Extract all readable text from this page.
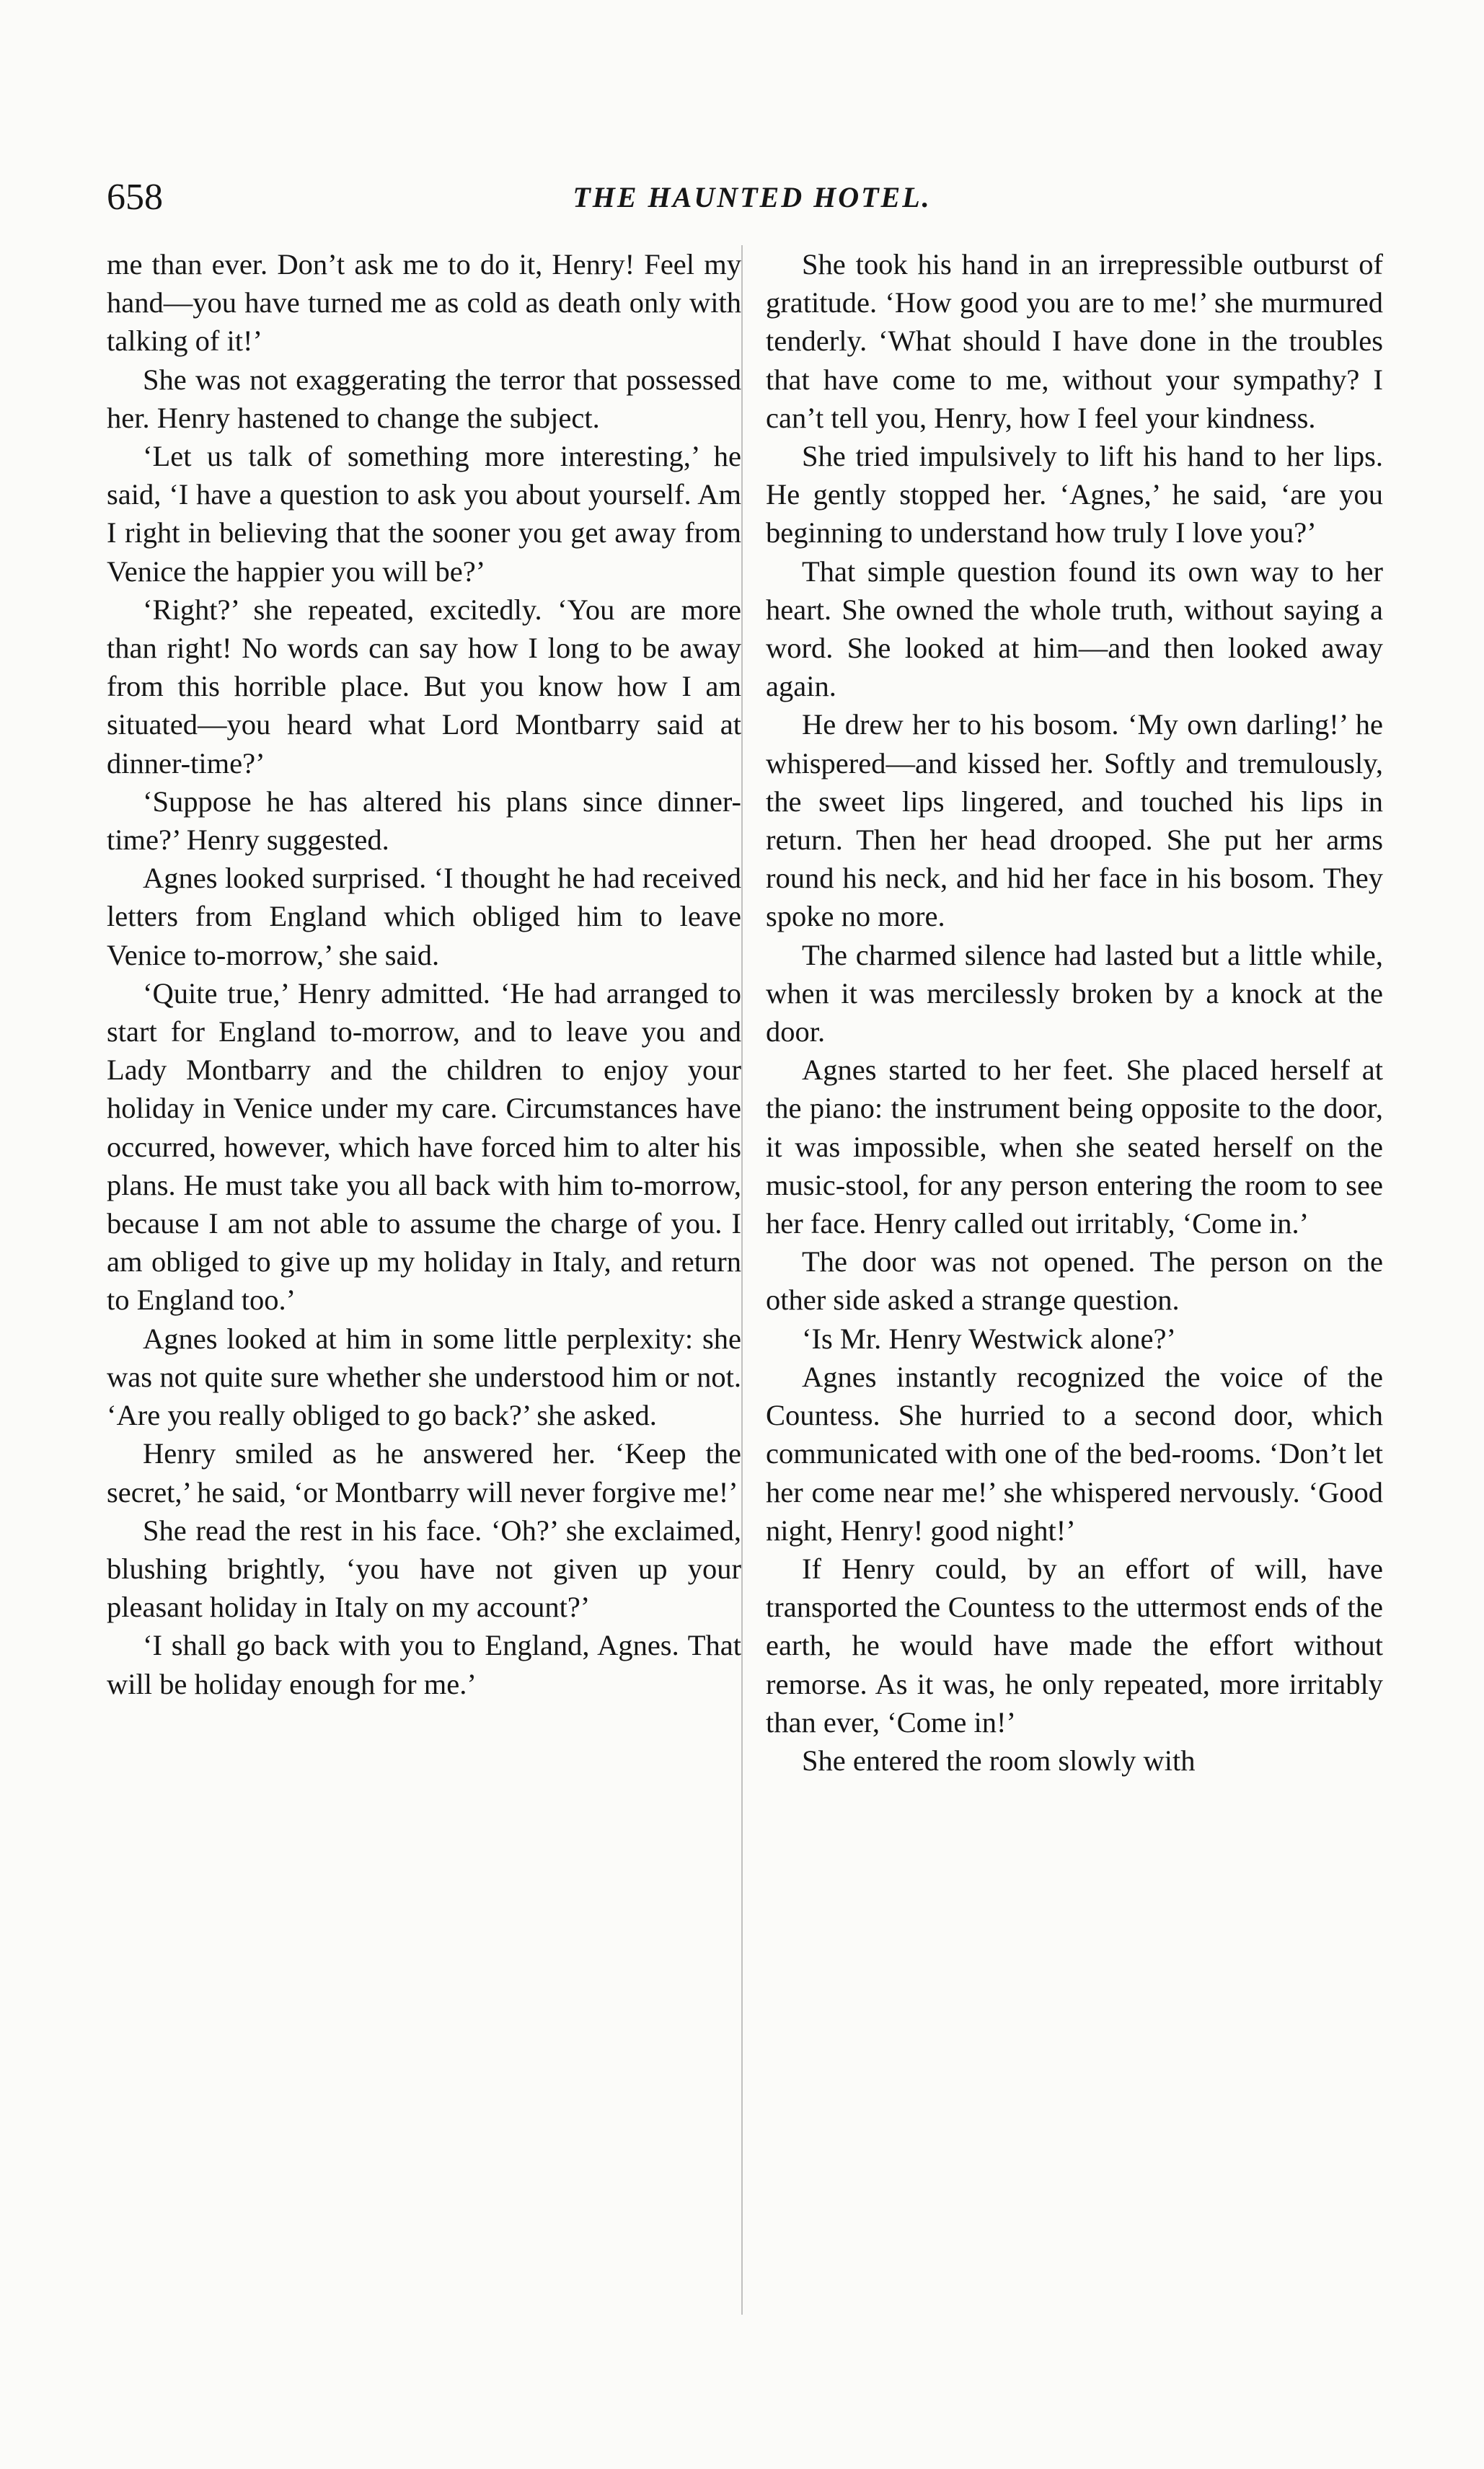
658	THE HAUNTED HOTEL.

me than ever. Don’t ask me to do it, Henry! Feel my hand—you have turned me as cold as death only with talking of it!’

She was not exaggerating the terror that possessed her. Henry hastened to change the subject.

‘Let us talk of something more interesting,’ he said, ‘I have a question to ask you about yourself. Am I right in believing that the sooner you get away from Venice the happier you will be?’

‘Right?’ she repeated, excitedly. ‘You are more than right! No words can say how I long to be away from this horrible place. But you know how I am situated—you heard what Lord Montbarry said at dinner-time?’

‘Suppose he has altered his plans since dinner-time?’ Henry suggested.

Agnes looked surprised. ‘I thought he had received letters from England which obliged him to leave Venice to-morrow,’ she said.

‘Quite true,’ Henry admitted. ‘He had arranged to start for England to-morrow, and to leave you and Lady Montbarry and the children to enjoy your holiday in Venice under my care. Circumstances have occurred, however, which have forced him to alter his plans. He must take you all back with him to-morrow, because I am not able to assume the charge of you. I am obliged to give up my holiday in Italy, and return to England too.’

Agnes looked at him in some little perplexity: she was not quite sure whether she understood him or not. ‘Are you really obliged to go back?’ she asked.

Henry smiled as he answered her. ‘Keep the secret,’ he said, ‘or Montbarry will never forgive me!’

She read the rest in his face. ‘Oh?’ she exclaimed, blushing brightly, ‘you have not given up your pleasant holiday in Italy on my account?’

‘I shall go back with you to England, Agnes. That will be holiday enough for me.’

She took his hand in an irrepressible outburst of gratitude. ‘How good you are to me!’ she murmured tenderly. ‘What should I have done in the troubles that have come to me, without your sympathy? I can’t tell you, Henry, how I feel your kindness.

She tried impulsively to lift his hand to her lips. He gently stopped her. ‘Agnes,’ he said, ‘are you beginning to understand how truly I love you?’

That simple question found its own way to her heart. She owned the whole truth, without saying a word. She looked at him—and then looked away again.

He drew her to his bosom. ‘My own darling!’ he whispered—and kissed her. Softly and tremulously, the sweet lips lingered, and touched his lips in return. Then her head drooped. She put her arms round his neck, and hid her face in his bosom. They spoke no more.

The charmed silence had lasted but a little while, when it was mercilessly broken by a knock at the door.

Agnes started to her feet. She placed herself at the piano: the instrument being opposite to the door, it was impossible, when she seated herself on the music-stool, for any person entering the room to see her face. Henry called out irritably, ‘Come in.’

The door was not opened. The person on the other side asked a strange question.

‘Is Mr. Henry Westwick alone?’

Agnes instantly recognized the voice of the Countess. She hurried to a second door, which communicated with one of the bed-rooms. ‘Don’t let her come near me!’ she whispered nervously. ‘Good night, Henry! good night!’

If Henry could, by an effort of will, have transported the Countess to the uttermost ends of the earth, he would have made the effort without remorse. As it was, he only repeated, more irritably than ever, ‘Come in!’

She entered the room slowly with
